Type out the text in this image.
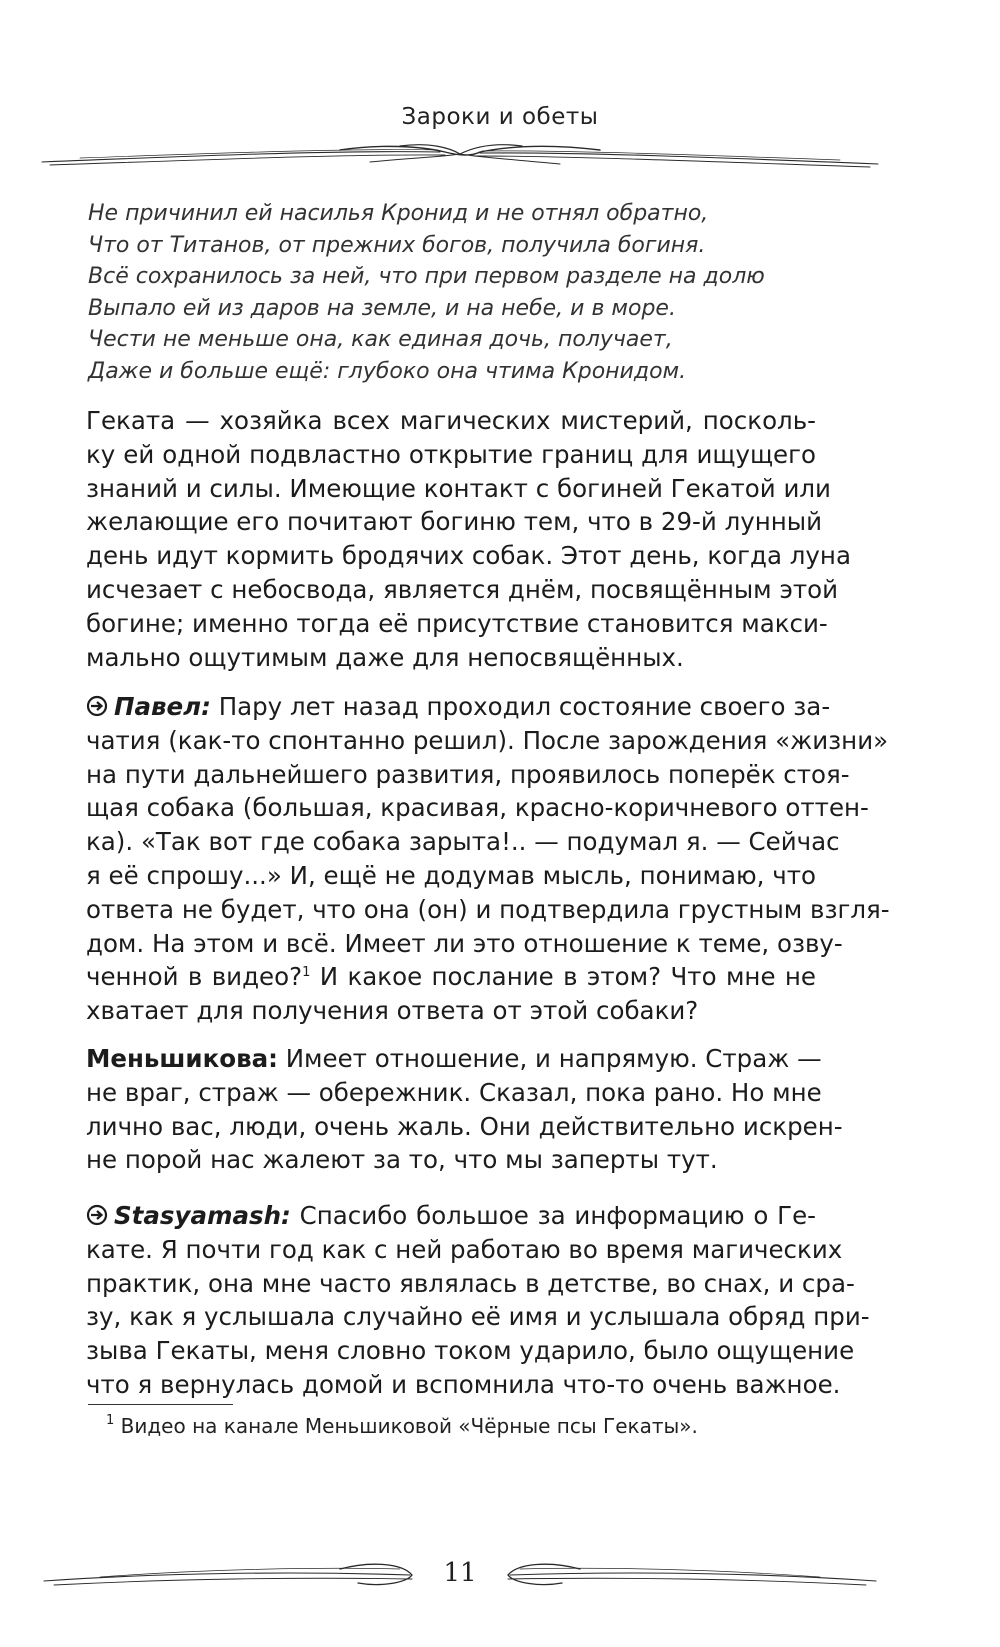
Зароки и обеты
Не причинил ей насилья Кронид и не отнял обратно,
Что от Титанов, от прежних богов, получила богиня.
Всё сохранилось за ней, что при первом разделе на долю
Выпало ей из даров на земле, и на небе, и в море.
Чести не меньше она, как единая дочь, получает,
Даже и больше ещё: глубоко она чтима Кронидом.
Геката — хозяйка всех магических мистерий, посколь-
ку ей одной подвластно открытие границ для ищущего
знаний и силы. Имеющие контакт с богиней Гекатой или
желающие его почитают богиню тем, что в 29-й лунный
день идут кормить бродячих собак. Этот день, когда луна
исчезает с небосвода, является днём, посвящённым этой
богине; именно тогда её присутствие становится макси-
мально ощутимым даже для непосвящённых.
Павел: Пару лет назад проходил состояние своего за-
чатия (как-то спонтанно решил). После зарождения «жизни»
на пути дальнейшего развития, проявилось поперёк стоя-
щая собака (большая, красивая, красно-коричневого оттен-
ка). «Так вот где собака зарыта!.. — подумал я. — Сейчас
я её спрошу...» И, ещё не додумав мысль, понимаю, что
ответа не будет, что она (он) и подтвердила грустным взгля-
дом. На этом и всё. Имеет ли это отношение к теме, озву-
ченной в видео?$^1$ И какое послание в этом? Что мне не
хватает для получения ответа от этой собаки?
Меньшикова: Имеет отношение, и напрямую. Страж —
не враг, страж — обережник. Сказал, пока рано. Но мне
лично вас, люди, очень жаль. Они действительно искрен-
не порой нас жалеют за то, что мы заперты тут.
Stasyamash: Спасибо большое за информацию о Ге-
кате. Я почти год как с ней работаю во время магических
практик, она мне часто являлась в детстве, во снах, и сра-
зу, как я услышала случайно её имя и услышала обряд при-
зыва Гекаты, меня словно током ударило, было ощущение
что я вернулась домой и вспомнила что-то очень важное.
$^1$ Видео на канале Меньшиковой «Чёрные псы Гекаты».
11
